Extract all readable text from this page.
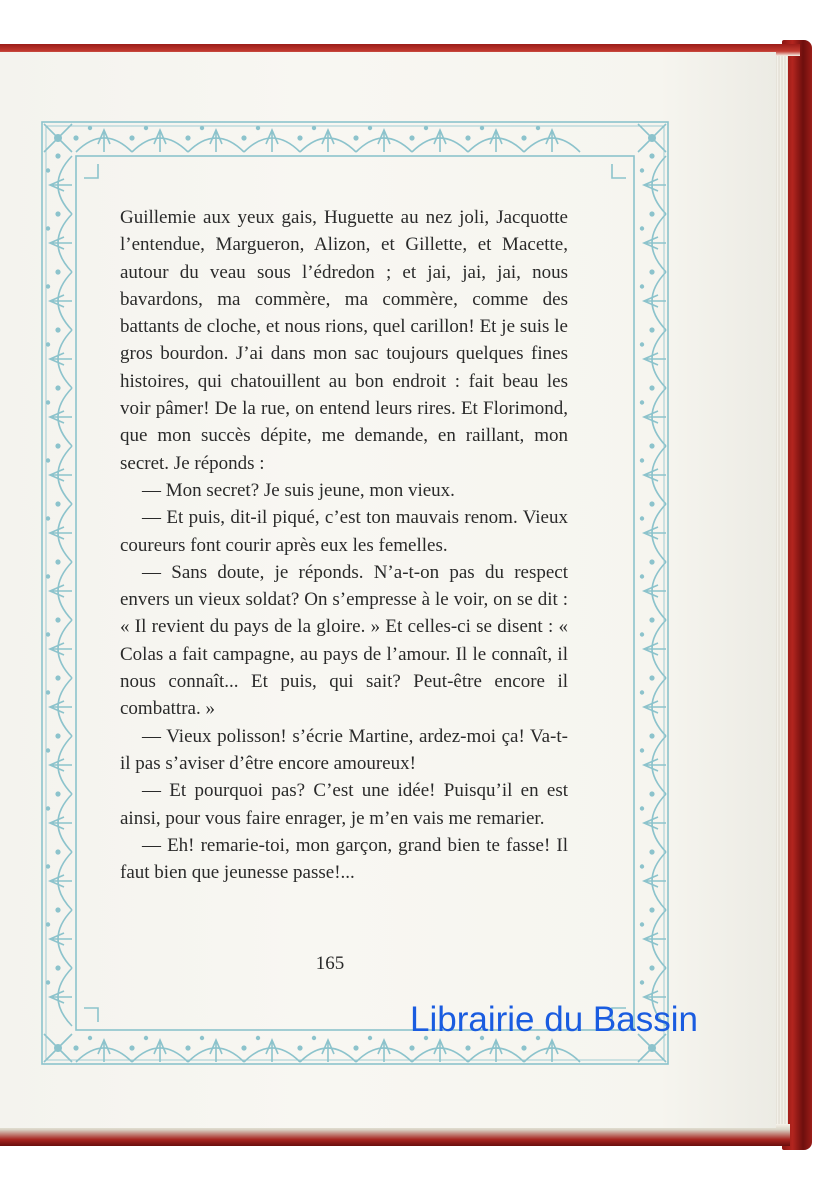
Guillemie aux yeux gais, Huguette au nez joli, Jacquotte l’entendue, Margueron, Alizon, et Gillette, et Macette, autour du veau sous l’édredon ; et jai, jai, jai, nous bavardons, ma commère, ma commère, comme des battants de cloche, et nous rions, quel carillon! Et je suis le gros bourdon. J’ai dans mon sac toujours quelques fines histoires, qui chatouillent au bon endroit : fait beau les voir pâmer! De la rue, on entend leurs rires. Et Florimond, que mon succès dépite, me demande, en raillant, mon secret. Je réponds :

— Mon secret? Je suis jeune, mon vieux.

— Et puis, dit-il piqué, c’est ton mauvais renom. Vieux coureurs font courir après eux les femelles.

— Sans doute, je réponds. N’a-t-on pas du respect envers un vieux soldat? On s’empresse à le voir, on se dit : « Il revient du pays de la gloire. » Et celles-ci se disent : « Colas a fait campagne, au pays de l’amour. Il le connaît, il nous connaît... Et puis, qui sait? Peut-être encore il combattra. »

— Vieux polisson! s’écrie Martine, ardez-moi ça! Va-t-il pas s’aviser d’être encore amoureux!

— Et pourquoi pas? C’est une idée! Puisqu’il en est ainsi, pour vous faire enrager, je m’en vais me remarier.

— Eh! remarie-toi, mon garçon, grand bien te fasse! Il faut bien que jeunesse passe!...

165
Librairie du Bassin
